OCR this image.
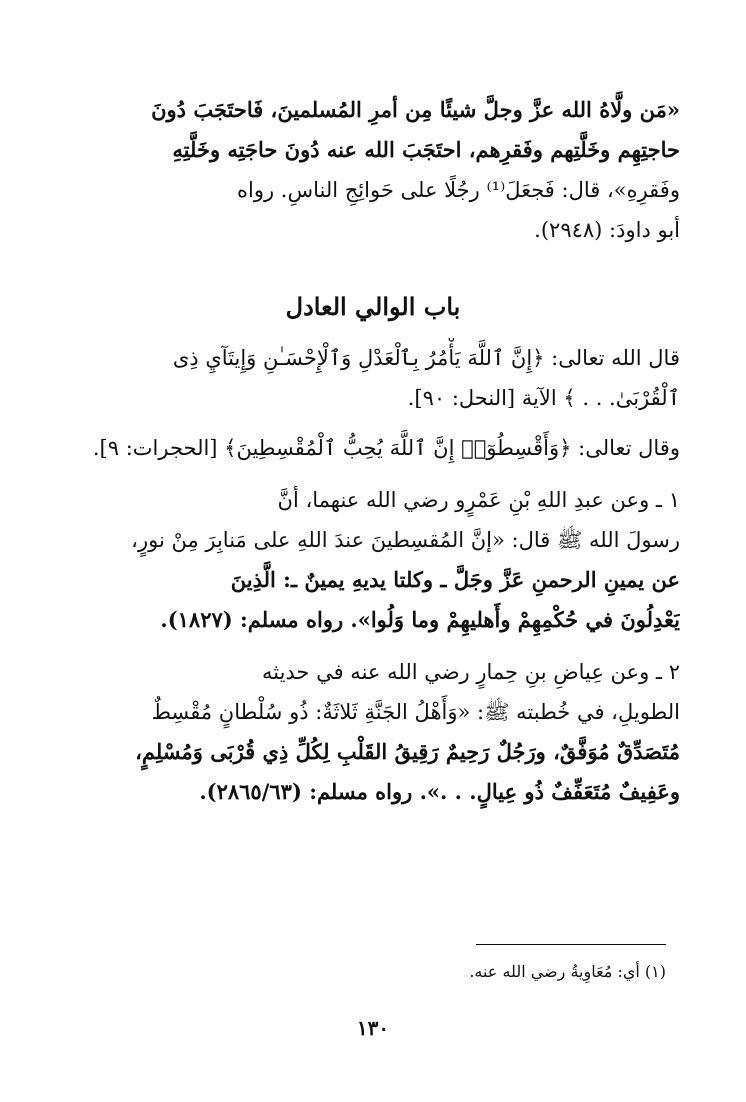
«مَن ولَّاهُ الله عزَّ وجلَّ شيئًا مِن أمرِ المُسلمينَ، فَاحتَجَبَ دُونَ
حاجتِهِم وخَلَّتِهم وفَقرِهم، احتَجَبَ الله عنه دُونَ حاجَتِه وخَلَّتِهِ
وفَقرِهِ»، قال: فَجعَلَ⁽¹⁾ رجُلًا على حَوائِجِ الناسِ. رواه
أبو داودَ: (٢٩٤٨).
باب الوالي العادل
قال الله تعالى: ﴿إِنَّ ٱللَّهَ يَأْمُرُ بِٱلْعَدْلِ وَٱلْإِحْسَـٰنِ وَإِيتَآيِ ذِى
ٱلْقُرْبَىٰ. . . ﴾ الآية [النحل: ٩٠].
وقال تعالى: ﴿وَأَقْسِطُوٓا۟ إِنَّ ٱللَّهَ يُحِبُّ ٱلْمُقْسِطِينَ﴾ [الحجرات: ٩].
١ ـ وعن عبدِ اللهِ بْنِ عَمْرٍو رضي الله عنهما، أنَّ
رسولَ الله ﷺ قال: «إنَّ المُقسِطينَ عندَ اللهِ على مَنابِرَ مِنْ نورٍ،
عن يمينِ الرحمنِ عَزَّ وجَلَّ ـ وكلتا يديهِ يمينٌ ـ: الَّذِينَ
يَعْدِلُونَ في حُكْمِهِمْ وأَهليهِمْ وما وَلُوا». رواه مسلم: (١٨٢٧).
٢ ـ وعن عِياضِ بنِ حِمارٍ رضي الله عنه في حديثه
الطويلِ، في خُطبته ﷺ: «وَأَهْلُ الجَنَّةِ ثَلاثَةٌ: ذُو سُلْطانٍ مُقْسِطٌ
مُتَصَدِّقٌ مُوَفَّقٌ، ورَجُلٌ رَحِيمٌ رَقِيقُ القَلْبِ لِكُلِّ ذِي قُرْبَى وَمُسْلِمٍ،
وعَفِيفٌ مُتَعَفِّفٌ ذُو عِيالٍ. . .». رواه مسلم: (٢٨٦٥/٦٣).
(١) أي: مُعَاوِيةُ رضي الله عنه.
١٣٠
